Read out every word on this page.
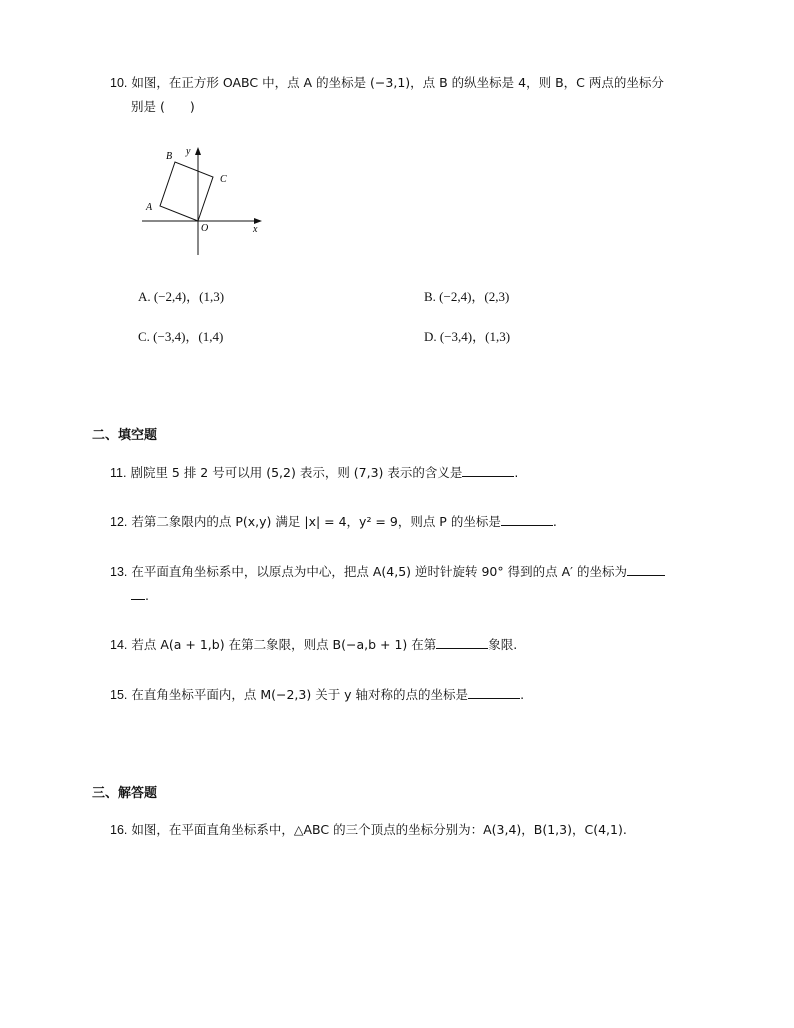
10. 如图，在正方形 OABC 中，点 A 的坐标是 (−3,1)，点 B 的纵坐标是 4，则 B，C 两点的坐标分
别是 (　　)
A
B
C
O	x
y
A. (−2,4)，(1,3)	B. (−2,4)，(2,3)
C. (−3,4)，(1,4)	D. (−3,4)，(1,3)
二、填空题
11. 剧院里 5 排 2 号可以用 (5,2) 表示，则 (7,3) 表示的含义是	.
12. 若第二象限内的点 P(x,y) 满足 |x| = 4，y² = 9，则点 P 的坐标是	.
13. 在平面直角坐标系中，以原点为中心，把点 A(4,5) 逆时针旋转 90° 得到的点 A′ 的坐标为
.
14. 若点 A(a + 1,b) 在第二象限，则点 B(−a,b + 1) 在第	象限.
15. 在直角坐标平面内，点 M(−2,3) 关于 y 轴对称的点的坐标是	.
三、解答题
16. 如图，在平面直角坐标系中，△ABC 的三个顶点的坐标分别为：A(3,4)，B(1,3)，C(4,1).
